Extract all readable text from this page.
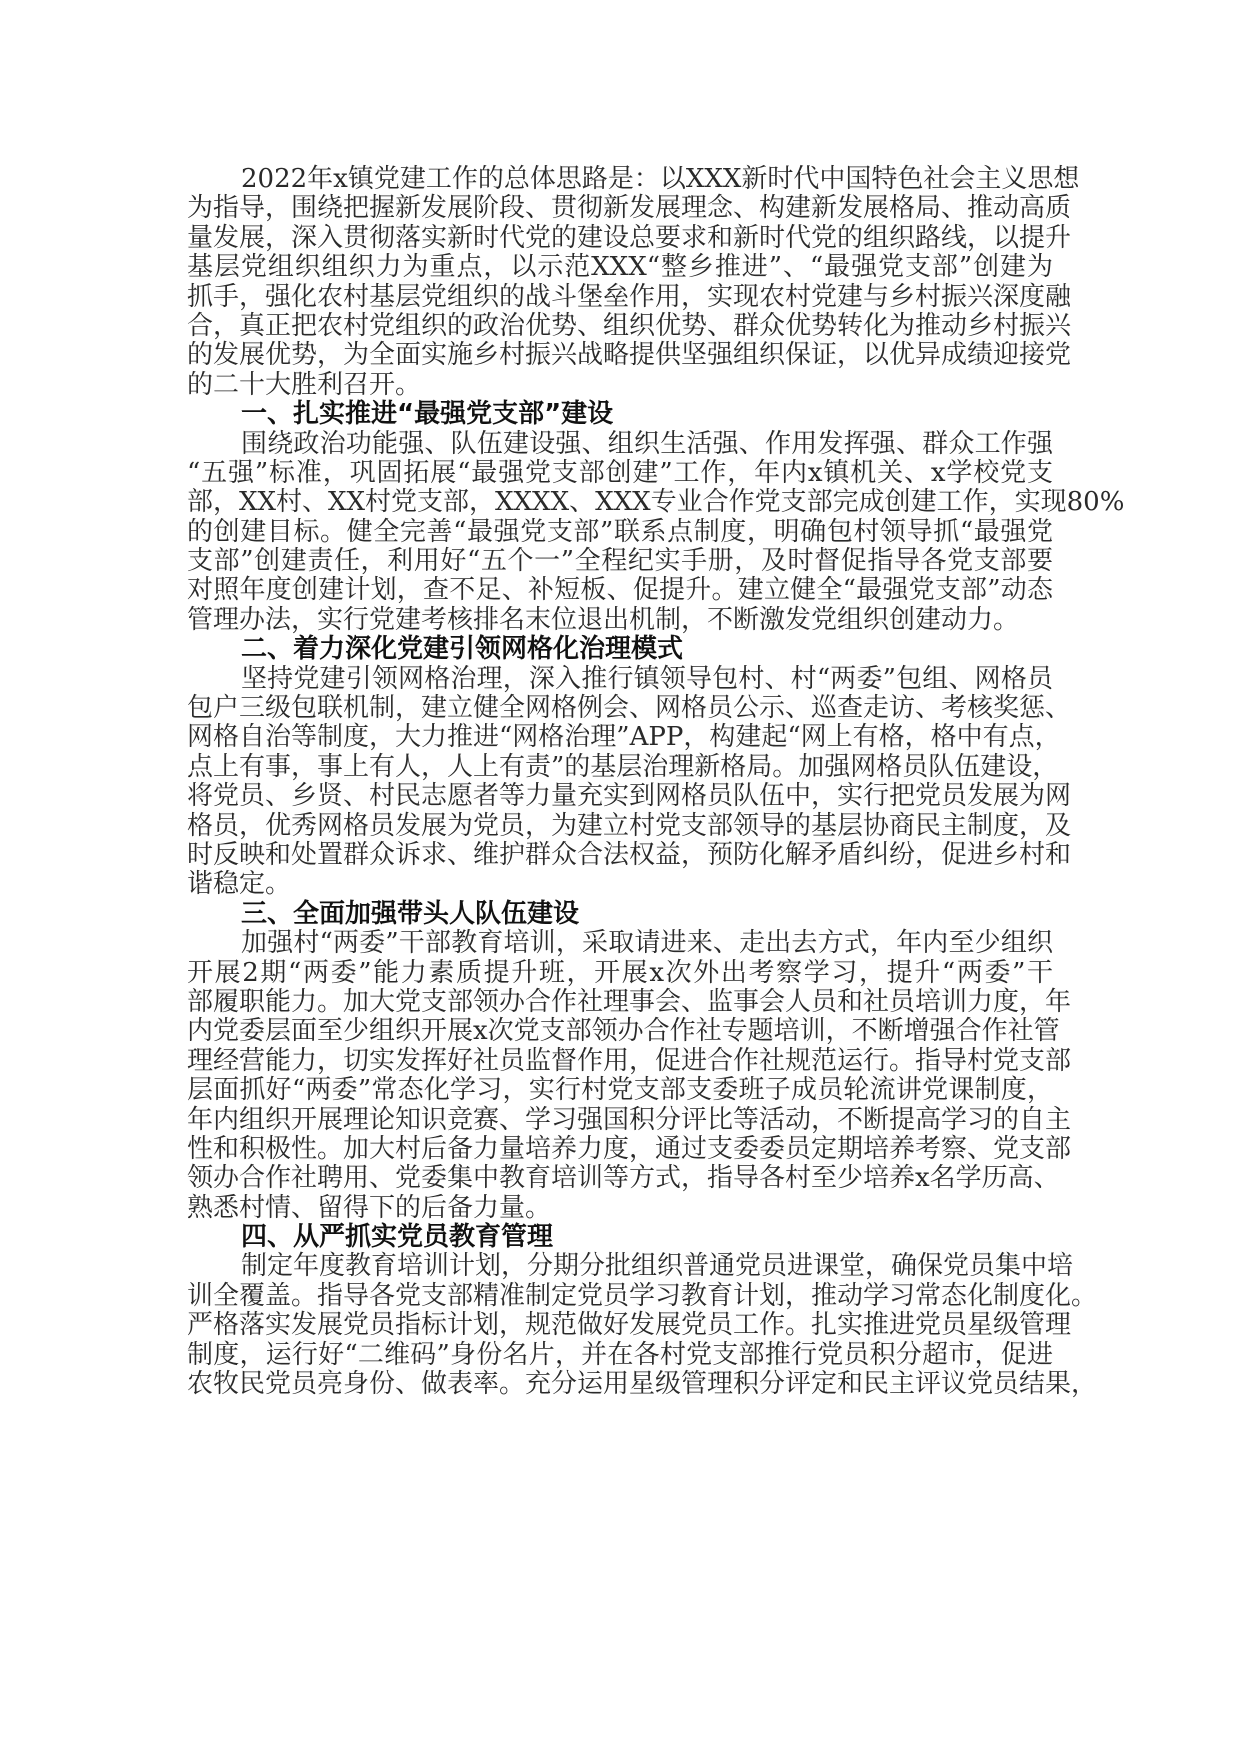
2022年x镇党建工作的总体思路是：以XXX新时代中国特色社会主义思想
为指导，围绕把握新发展阶段、贯彻新发展理念、构建新发展格局、推动高质
量发展，深入贯彻落实新时代党的建设总要求和新时代党的组织路线，以提升
基层党组织组织力为重点，以示范XXX“整乡推进”、“最强党支部”创建为
抓手，强化农村基层党组织的战斗堡垒作用，实现农村党建与乡村振兴深度融
合，真正把农村党组织的政治优势、组织优势、群众优势转化为推动乡村振兴
的发展优势，为全面实施乡村振兴战略提供坚强组织保证，以优异成绩迎接党
的二十大胜利召开。
一、扎实推进“最强党支部”建设
围绕政治功能强、队伍建设强、组织生活强、作用发挥强、群众工作强
“五强”标准，巩固拓展“最强党支部创建”工作，年内x镇机关、x学校党支
部，XX村、XX村党支部，XXXX、XXX专业合作党支部完成创建工作，实现80%
的创建目标。健全完善“最强党支部”联系点制度，明确包村领导抓“最强党
支部”创建责任，利用好“五个一”全程纪实手册，及时督促指导各党支部要
对照年度创建计划，查不足、补短板、促提升。建立健全“最强党支部”动态
管理办法，实行党建考核排名末位退出机制，不断激发党组织创建动力。
二、着力深化党建引领网格化治理模式
坚持党建引领网格治理，深入推行镇领导包村、村“两委”包组、网格员
包户三级包联机制，建立健全网格例会、网格员公示、巡查走访、考核奖惩、
网格自治等制度，大力推进“网格治理”APP，构建起“网上有格，格中有点，
点上有事，事上有人，人上有责”的基层治理新格局。加强网格员队伍建设，
将党员、乡贤、村民志愿者等力量充实到网格员队伍中，实行把党员发展为网
格员，优秀网格员发展为党员，为建立村党支部领导的基层协商民主制度，及
时反映和处置群众诉求、维护群众合法权益，预防化解矛盾纠纷，促进乡村和
谐稳定。
三、全面加强带头人队伍建设
加强村“两委”干部教育培训，采取请进来、走出去方式，年内至少组织
开展2期“两委”能力素质提升班，开展x次外出考察学习，提升“两委”干
部履职能力。加大党支部领办合作社理事会、监事会人员和社员培训力度，年
内党委层面至少组织开展x次党支部领办合作社专题培训，不断增强合作社管
理经营能力，切实发挥好社员监督作用，促进合作社规范运行。指导村党支部
层面抓好“两委”常态化学习，实行村党支部支委班子成员轮流讲党课制度，
年内组织开展理论知识竞赛、学习强国积分评比等活动，不断提高学习的自主
性和积极性。加大村后备力量培养力度，通过支委委员定期培养考察、党支部
领办合作社聘用、党委集中教育培训等方式，指导各村至少培养x名学历高、
熟悉村情、留得下的后备力量。
四、从严抓实党员教育管理
制定年度教育培训计划，分期分批组织普通党员进课堂，确保党员集中培
训全覆盖。指导各党支部精准制定党员学习教育计划，推动学习常态化制度化。
严格落实发展党员指标计划，规范做好发展党员工作。扎实推进党员星级管理
制度，运行好“二维码”身份名片，并在各村党支部推行党员积分超市，促进
农牧民党员亮身份、做表率。充分运用星级管理积分评定和民主评议党员结果，
